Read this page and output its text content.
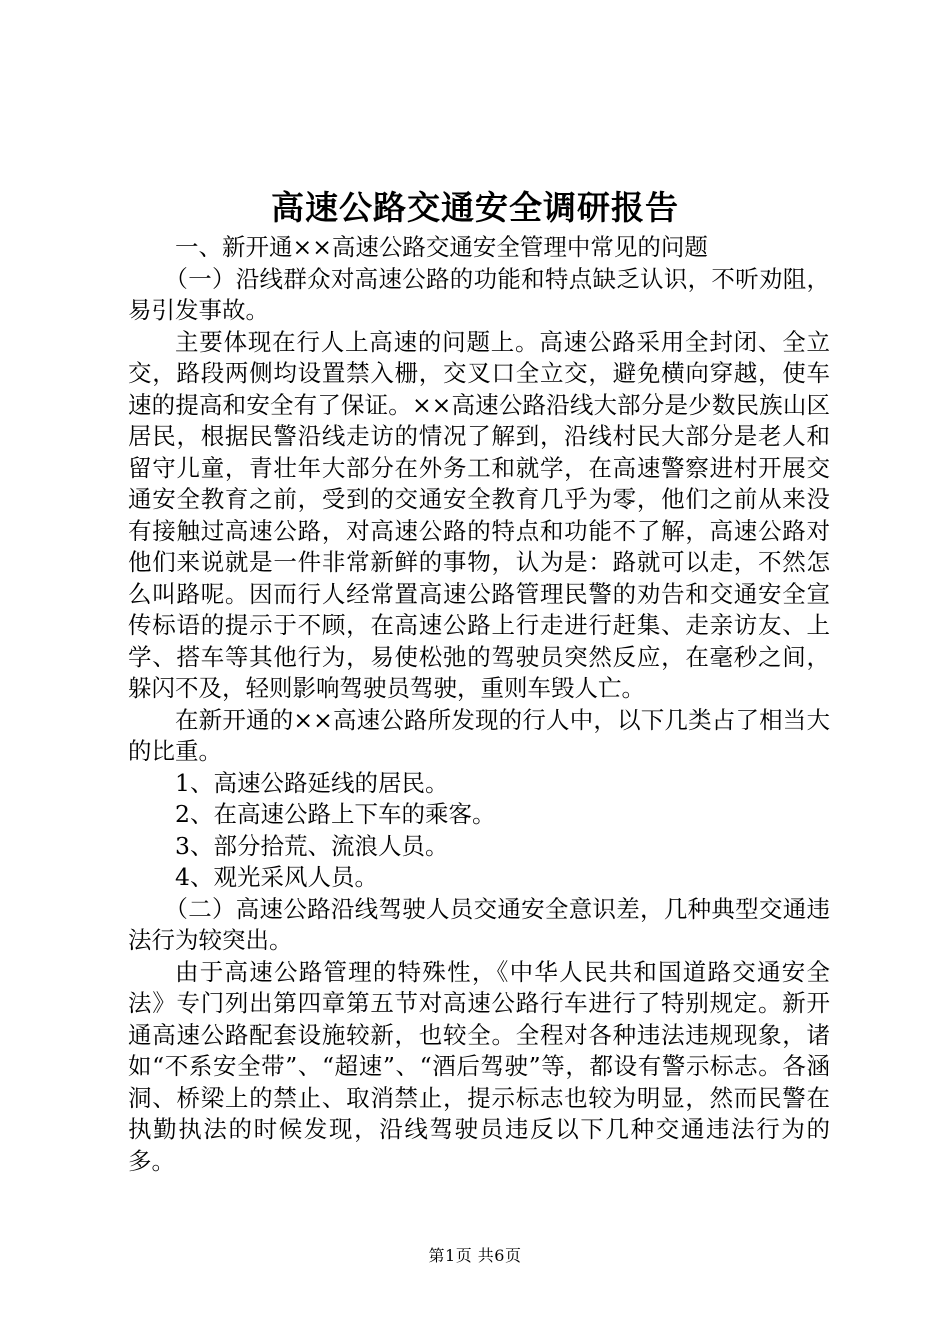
高速公路交通安全调研报告

一、新开通××高速公路交通安全管理中常见的问题

（一）沿线群众对高速公路的功能和特点缺乏认识，不听劝阻，易引发事故。

主要体现在行人上高速的问题上。高速公路采用全封闭、全立交，路段两侧均设置禁入栅，交叉口全立交，避免横向穿越，使车速的提高和安全有了保证。××高速公路沿线大部分是少数民族山区居民，根据民警沿线走访的情况了解到，沿线村民大部分是老人和留守儿童，青壮年大部分在外务工和就学，在高速警察进村开展交通安全教育之前，受到的交通安全教育几乎为零，他们之前从来没有接触过高速公路，对高速公路的特点和功能不了解，高速公路对他们来说就是一件非常新鲜的事物，认为是：路就可以走，不然怎么叫路呢。因而行人经常置高速公路管理民警的劝告和交通安全宣传标语的提示于不顾，在高速公路上行走进行赶集、走亲访友、上学、搭车等其他行为，易使松弛的驾驶员突然反应，在毫秒之间，躲闪不及，轻则影响驾驶员驾驶，重则车毁人亡。

在新开通的××高速公路所发现的行人中，以下几类占了相当大的比重。

1、高速公路延线的居民。

2、在高速公路上下车的乘客。

3、部分拾荒、流浪人员。

4、观光采风人员。

（二）高速公路沿线驾驶人员交通安全意识差，几种典型交通违法行为较突出。

由于高速公路管理的特殊性，《中华人民共和国道路交通安全法》专门列出第四章第五节对高速公路行车进行了特别规定。新开通高速公路配套设施较新，也较全。全程对各种违法违规现象，诸如“不系安全带”、“超速”、“酒后驾驶”等，都设有警示标志。各涵洞、桥梁上的禁止、取消禁止，提示标志也较为明显，然而民警在执勤执法的时候发现，沿线驾驶员违反以下几种交通违法行为的多。

第1页 共6页
